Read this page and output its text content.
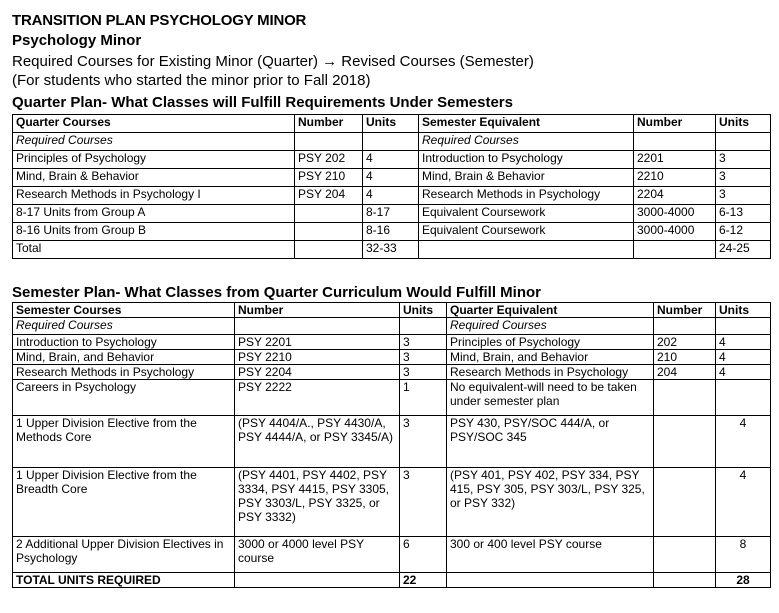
TRANSITION PLAN PSYCHOLOGY MINOR
Psychology Minor
Required Courses for Existing Minor (Quarter) → Revised Courses (Semester)
(For students who started the minor prior to Fall 2018)
Quarter Plan- What Classes will Fulfill Requirements Under Semesters
Quarter Courses	Number	Units	Semester Equivalent	Number	Units
Required Courses			Required Courses		
Principles of Psychology	PSY 202	4	Introduction to Psychology	2201	3
Mind, Brain & Behavior	PSY 210	4	Mind, Brain & Behavior	2210	3
Research Methods in Psychology I	PSY 204	4	Research Methods in Psychology	2204	3
8-17 Units from Group A		8-17	Equivalent Coursework	3000-4000	6-13
8-16 Units from Group B		8-16	Equivalent Coursework	3000-4000	6-12
Total		32-33			24-25
Semester Plan- What Classes from Quarter Curriculum Would Fulfill Minor
Semester Courses	Number	Units	Quarter Equivalent	Number	Units
Required Courses			Required Courses		
Introduction to Psychology	PSY 2201	3	Principles of Psychology	202	4
Mind, Brain, and Behavior	PSY 2210	3	Mind, Brain, and Behavior	210	4
Research Methods in Psychology	PSY 2204	3	Research Methods in Psychology	204	4
Careers in Psychology	PSY 2222	1	No equivalent-will need to be taken under semester plan		
1 Upper Division Elective from the Methods Core	(PSY 4404/A., PSY 4430/A, PSY 4444/A, or PSY 3345/A)	3	PSY 430, PSY/SOC 444/A, or PSY/SOC 345		4
1 Upper Division Elective from the Breadth Core	(PSY 4401, PSY 4402, PSY 3334, PSY 4415, PSY 3305, PSY 3303/L, PSY 3325, or PSY 3332)	3	(PSY 401, PSY 402, PSY 334, PSY 415, PSY 305, PSY 303/L, PSY 325, or PSY 332)		4
2 Additional Upper Division Electives in Psychology	3000 or 4000 level PSY course	6	300 or 400 level PSY course		8
TOTAL UNITS REQUIRED		22			28
